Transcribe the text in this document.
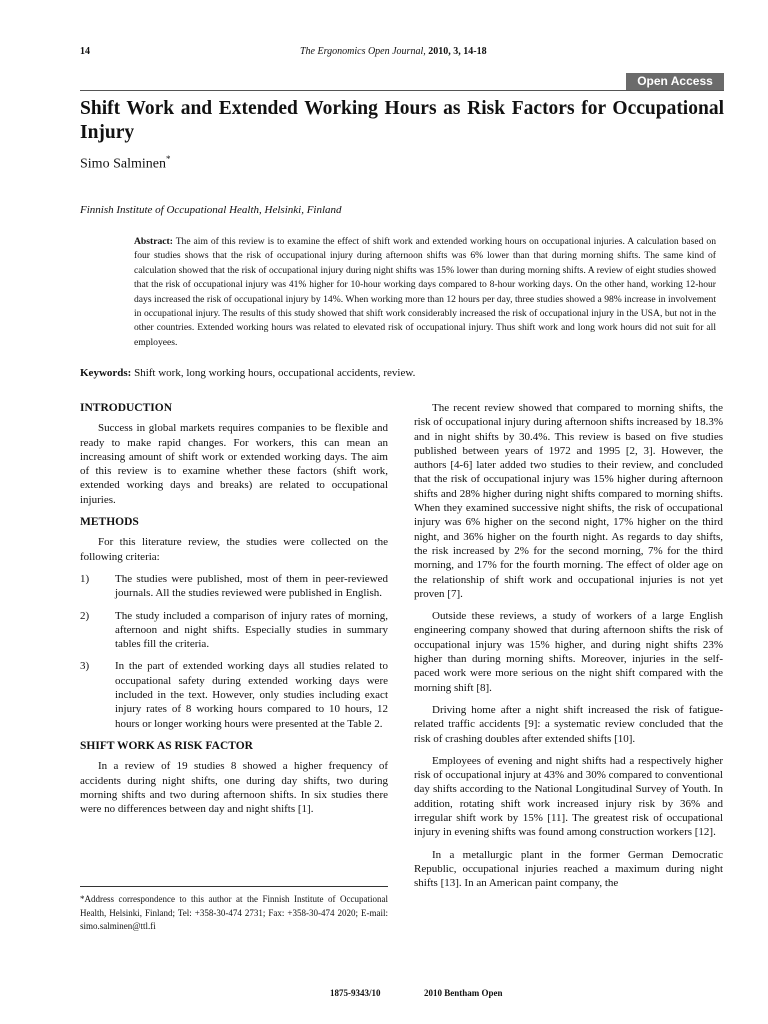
14	The Ergonomics Open Journal, 2010, 3, 14-18
Open Access
Shift Work and Extended Working Hours as Risk Factors for Occupational Injury
Simo Salminen*
Finnish Institute of Occupational Health, Helsinki, Finland
Abstract: The aim of this review is to examine the effect of shift work and extended working hours on occupational injuries. A calculation based on four studies shows that the risk of occupational injury during afternoon shifts was 6% lower than that during morning shifts. The same kind of calculation showed that the risk of occupational injury during night shifts was 15% lower than during morning shifts. A review of eight studies showed that the risk of occupational injury was 41% higher for 10-hour working days compared to 8-hour working days. On the other hand, working 12-hour days increased the risk of occupational injury by 14%. When working more than 12 hours per day, three studies showed a 98% increase in involvement in occupational injury. The results of this study showed that shift work considerably increased the risk of occupational injury in the USA, but not in the other countries. Extended working hours was related to elevated risk of occupational injury. Thus shift work and long work hours did not suit for all employees.
Keywords: Shift work, long working hours, occupational accidents, review.
INTRODUCTION

Success in global markets requires companies to be flexible and ready to make rapid changes. For workers, this can mean an increasing amount of shift work or extended working days. The aim of this review is to examine whether these factors (shift work, extended working days and breaks) are related to occupational injuries.

METHODS

For this literature review, the studies were collected on the following criteria:

1)	The studies were published, most of them in peer-reviewed journals. All the studies reviewed were published in English.
2)	The study included a comparison of injury rates of morning, afternoon and night shifts. Especially studies in summary tables fill the criteria.
3)	In the part of extended working days all studies related to occupational safety during extended working days were included in the text. However, only studies including exact injury rates of 8 working hours compared to 10 hours, 12 hours or longer working hours were presented at the Table 2.
SHIFT WORK AS RISK FACTOR

In a review of 19 studies 8 showed a higher frequency of accidents during night shifts, one during day shifts, two during morning shifts and two during afternoon shifts. In six studies there were no differences between day and night shifts [1].

*Address correspondence to this author at the Finnish Institute of Occupational Health, Helsinki, Finland; Tel: +358-30-474 2731; Fax: +358-30-474 2020; E-mail: simo.salminen@ttl.fi

The recent review showed that compared to morning shifts, the risk of occupational injury during afternoon shifts increased by 18.3% and in night shifts by 30.4%. This review is based on five studies published between years of 1972 and 1995 [2, 3]. However, the authors [4-6] later added two studies to their review, and concluded that the risk of occupational injury was 15% higher during afternoon shifts and 28% higher during night shifts compared to morning shifts. When they examined successive night shifts, the risk of occupational injury was 6% higher on the second night, 17% higher on the third night, and 36% higher on the fourth night. As regards to day shifts, the risk increased by 2% for the second morning, 7% for the third morning, and 17% for the fourth morning. The effect of older age on the relationship of shift work and occupational injuries is not yet proven [7].

Outside these reviews, a study of workers of a large English engineering company showed that during afternoon shifts the risk of occupational injury was 15% higher, and during night shifts 23% higher than during morning shifts. Moreover, injuries in the self-paced work were more serious on the night shift compared with the morning shift [8].

Driving home after a night shift increased the risk of fatigue-related traffic accidents [9]: a systematic review concluded that the risk of crashing doubles after extended shifts [10].

Employees of evening and night shifts had a respectively higher risk of occupational injury at 43% and 30% compared to conventional day shifts according to the National Longitudinal Survey of Youth. In addition, rotating shift work increased injury risk by 36% and irregular shift work by 15% [11]. The greatest risk of occupational injury in evening shifts was found among construction workers [12].

In a metallurgic plant in the former German Democratic Republic, occupational injuries reached a maximum during night shifts [13]. In an American paint company, the

1875-9343/10	2010 Bentham Open
